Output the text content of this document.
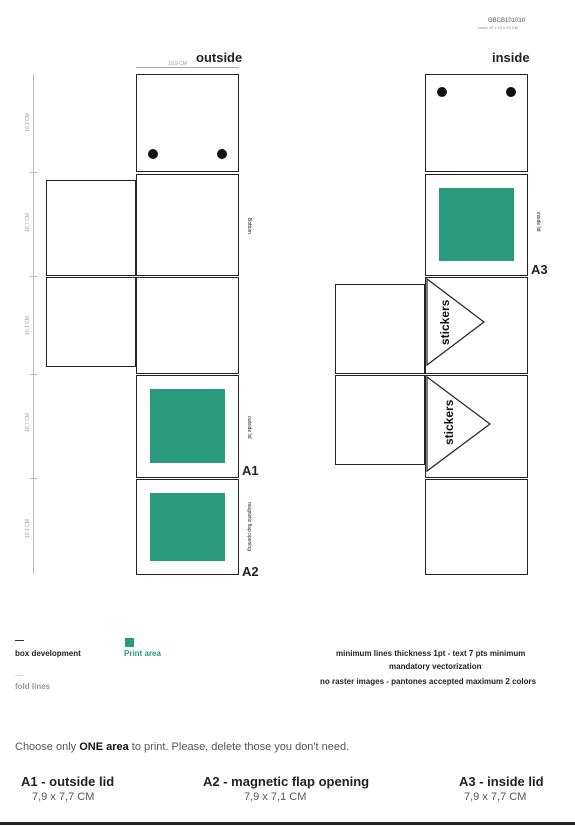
GBCB101010
cover 10 x 10 x 10 CM
outside
10,9 CM
10,1 CM
10,7 CM
10,1 CM
10,7 CM
10,1 CM
Bottom
outside lid
A1
magnetic flap opening
A2
inside
inside lid
A3
stickers
stickers
box development
....
fold lines
Print area	minimum lines thickness 1pt - text 7 pts minimum
mandatory vectorization
no raster images - pantones accepted maximum 2 colors
Choose only ONE area to print. Please, delete those you don't need.
A1 - outside lid
7,9 x 7,7 CM
A2 - magnetic flap opening
7,9 x 7,1 CM
A3 - inside lid
7,9 x 7,7 CM
